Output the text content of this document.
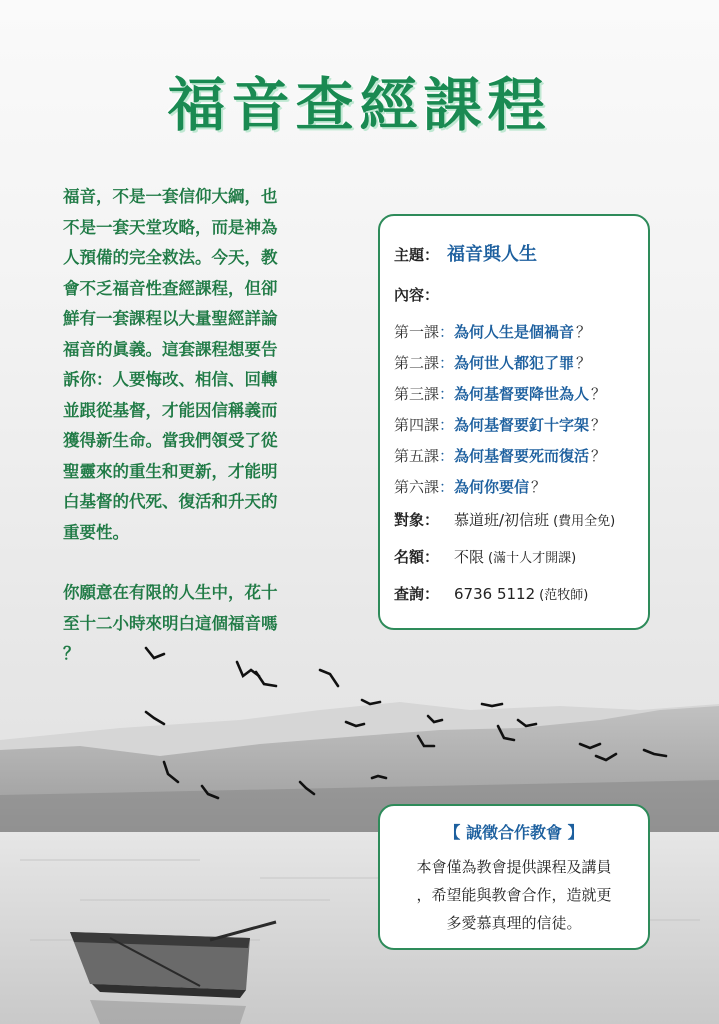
福音查經課程

福音，不是一套信仰大綱，也
不是一套天堂攻略，而是神為
人預備的完全救法。今天，教
會不乏福音性查經課程，但卻
鮮有一套課程以大量聖經詳論
福音的眞義。這套課程想要告
訴你：人要悔改、相信、回轉
並跟從基督，才能因信稱義而
獲得新生命。當我們領受了從
聖靈來的重生和更新，才能明
白基督的代死、復活和升天的
重要性。

你願意在有限的人生中，花十
至十二小時來明白這個福音嗎
？

主題： 福音與人生
內容：
第一課 ： 為何人生是個禍音 ？
第二課 ： 為何世人都犯了罪 ？
第三課 ： 為何基督要降世為人 ？
第四課 ： 為何基督要釘十字架 ？
第五課 ： 為何基督要死而復活 ？
第六課 ： 為何你要信 ？
對象： 慕道班/初信班 (費用全免)
名額： 不限 (滿十人才開課)
查詢： 6736 5112 (范牧師)
【 誠徵合作教會 】
本會僅為教會提供課程及講員
，希望能與教會合作，造就更
多愛慕真理的信徒。
